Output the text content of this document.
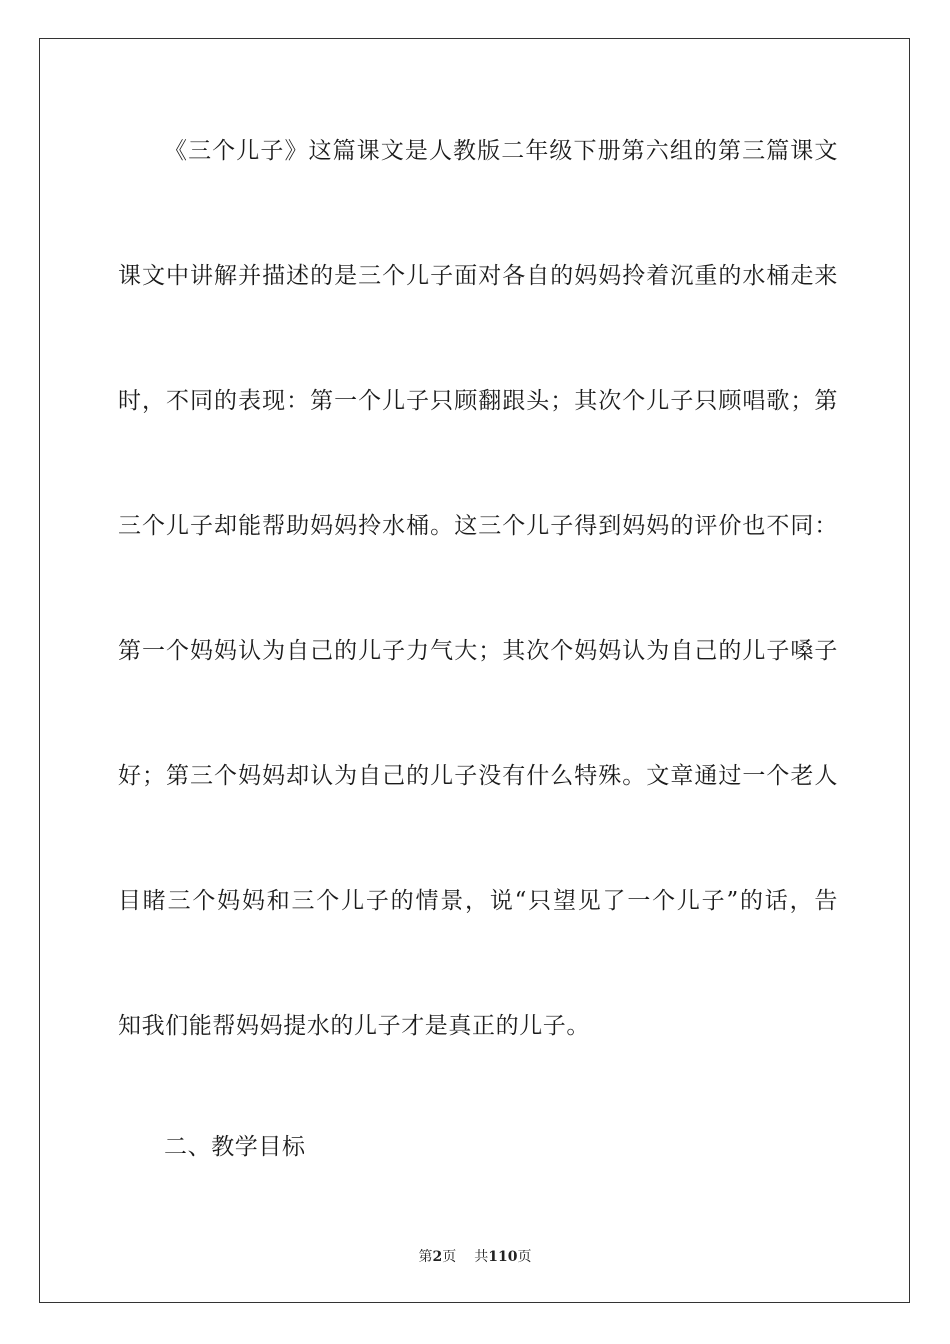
《三个儿子》这篇课文是人教版二年级下册第六组的第三篇课文
课文中讲解并描述的是三个儿子面对各自的妈妈拎着沉重的水桶走来
时，不同的表现：第一个儿子只顾翻跟头；其次个儿子只顾唱歌；第
三个儿子却能帮助妈妈拎水桶。这三个儿子得到妈妈的评价也不同：
第一个妈妈认为自己的儿子力气大；其次个妈妈认为自己的儿子嗓子
好；第三个妈妈却认为自己的儿子没有什么特殊。文章通过一个老人
目睹三个妈妈和三个儿子的情景，说“只望见了一个儿子”的话，告
知我们能帮妈妈提水的儿子才是真正的儿子。
二、教学目标
第2页 共110页
